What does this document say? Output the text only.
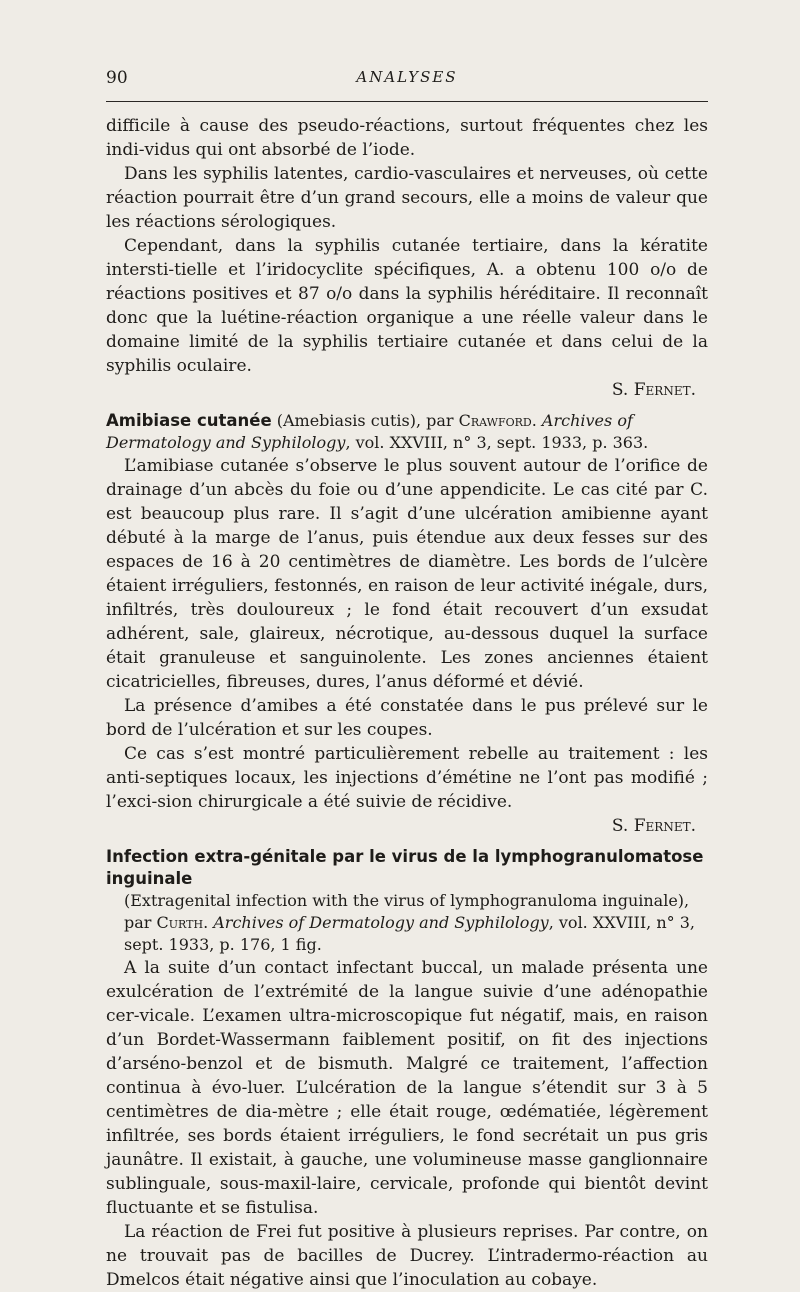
90	ANALYSES

difficile à cause des pseudo-réactions, surtout fréquentes chez les indi-vidus qui ont absorbé de l’iode.

Dans les syphilis latentes, cardio-vasculaires et nerveuses, où cette réaction pourrait être d’un grand secours, elle a moins de valeur que les réactions sérologiques.

Cependant, dans la syphilis cutanée tertiaire, dans la kératite intersti-tielle et l’iridocyclite spécifiques, A. a obtenu 100 o/o de réactions positives et 87 o/o dans la syphilis héréditaire. Il reconnaît donc que la luétine-réaction organique a une réelle valeur dans le domaine limité de la syphilis tertiaire cutanée et dans celui de la syphilis oculaire.

S. Fernet.
Amibiase cutanée (Amebiasis cutis), par Crawford. Archives of Dermatology and Syphilology, vol. XXVIII, n° 3, sept. 1933, p. 363.

L’amibiase cutanée s’observe le plus souvent autour de l’orifice de drainage d’un abcès du foie ou d’une appendicite. Le cas cité par C. est beaucoup plus rare. Il s’agit d’une ulcération amibienne ayant débuté à la marge de l’anus, puis étendue aux deux fesses sur des espaces de 16 à 20 centimètres de diamètre. Les bords de l’ulcère étaient irréguliers, festonnés, en raison de leur activité inégale, durs, infiltrés, très douloureux ; le fond était recouvert d’un exsudat adhérent, sale, glaireux, nécrotique, au-dessous duquel la surface était granuleuse et sanguinolente. Les zones anciennes étaient cicatricielles, fibreuses, dures, l’anus déformé et dévié.

La présence d’amibes a été constatée dans le pus prélevé sur le bord de l’ulcération et sur les coupes.

Ce cas s’est montré particulièrement rebelle au traitement : les anti-septiques locaux, les injections d’émétine ne l’ont pas modifié ; l’exci-sion chirurgicale a été suivie de récidive.

S. Fernet.
Infection extra-génitale par le virus de la lymphogranulomatose inguinale
(Extragenital infection with the virus of lymphogranuloma inguinale), par Curth. Archives of Dermatology and Syphilology, vol. XXVIII, n° 3, sept. 1933, p. 176, 1 fig.

A la suite d’un contact infectant buccal, un malade présenta une exulcération de l’extrémité de la langue suivie d’une adénopathie cer-vicale. L’examen ultra-microscopique fut négatif, mais, en raison d’un Bordet-Wassermann faiblement positif, on fit des injections d’arséno-benzol et de bismuth. Malgré ce traitement, l’affection continua à évo-luer. L’ulcération de la langue s’étendit sur 3 à 5 centimètres de dia-mètre ; elle était rouge, œdématiée, légèrement infiltrée, ses bords étaient irréguliers, le fond secrétait un pus gris jaunâtre. Il existait, à gauche, une volumineuse masse ganglionnaire sublinguale, sous-maxil-laire, cervicale, profonde qui bientôt devint fluctuante et se fistulisa.

La réaction de Frei fut positive à plusieurs reprises. Par contre, on ne trouvait pas de bacilles de Ducrey. L’intradermo-réaction au Dmelcos était négative ainsi que l’inoculation au cobaye.
